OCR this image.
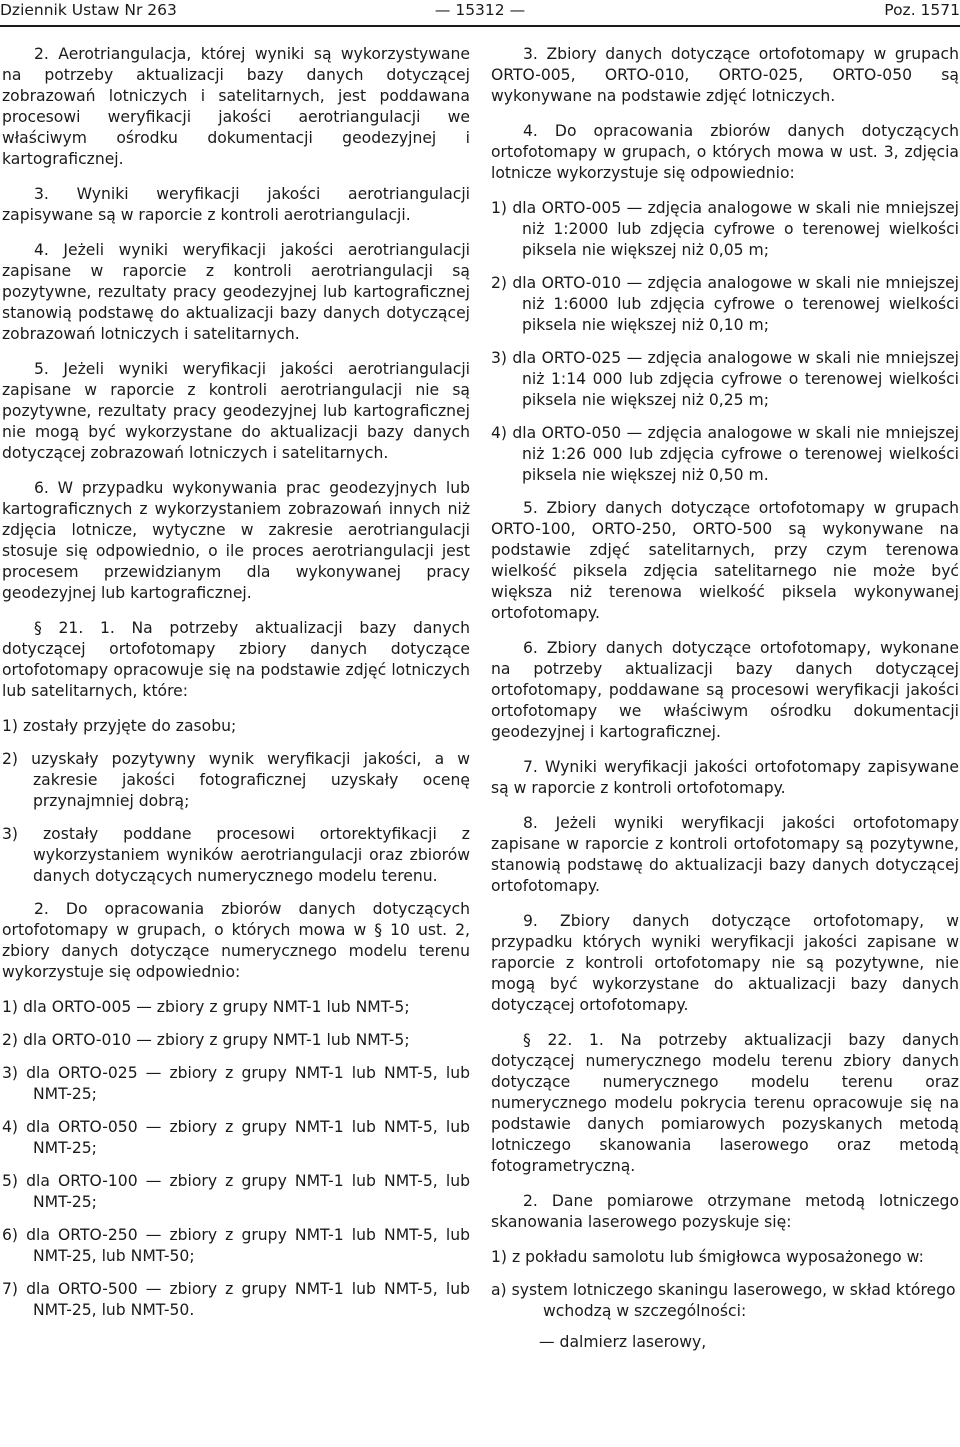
Dziennik Ustaw Nr 263	— 15312 —	Poz. 1571

2. Aerotriangulacja, której wyniki są wykorzystywane na potrzeby aktualizacji bazy danych dotyczącej zobrazowań lotniczych i satelitarnych, jest poddawana procesowi weryfikacji jakości aerotriangulacji we właściwym ośrodku dokumentacji geodezyjnej i kartograficznej.

3. Wyniki weryfikacji jakości aerotriangulacji zapisywane są w raporcie z kontroli aerotriangulacji.

4. Jeżeli wyniki weryfikacji jakości aerotriangulacji zapisane w raporcie z kontroli aerotriangulacji są pozytywne, rezultaty pracy geodezyjnej lub kartograficznej stanowią podstawę do aktualizacji bazy danych dotyczącej zobrazowań lotniczych i satelitarnych.

5. Jeżeli wyniki weryfikacji jakości aerotriangulacji zapisane w raporcie z kontroli aerotriangulacji nie są pozytywne, rezultaty pracy geodezyjnej lub kartograficznej nie mogą być wykorzystane do aktualizacji bazy danych dotyczącej zobrazowań lotniczych i satelitarnych.

6. W przypadku wykonywania prac geodezyjnych lub kartograficznych z wykorzystaniem zobrazowań innych niż zdjęcia lotnicze, wytyczne w zakresie aerotriangulacji stosuje się odpowiednio, o ile proces aerotriangulacji jest procesem przewidzianym dla wykonywanej pracy geodezyjnej lub kartograficznej.

§ 21. 1. Na potrzeby aktualizacji bazy danych dotyczącej ortofotomapy zbiory danych dotyczące ortofotomapy opracowuje się na podstawie zdjęć lotniczych lub satelitarnych, które:

1) zostały przyjęte do zasobu;

2) uzyskały pozytywny wynik weryfikacji jakości, a w zakresie jakości fotograficznej uzyskały ocenę przynajmniej dobrą;

3) zostały poddane procesowi ortorektyfikacji z wykorzystaniem wyników aerotriangulacji oraz zbiorów danych dotyczących numerycznego modelu terenu.

2. Do opracowania zbiorów danych dotyczących ortofotomapy w grupach, o których mowa w § 10 ust. 2, zbiory danych dotyczące numerycznego modelu terenu wykorzystuje się odpowiednio:

1) dla ORTO-005 — zbiory z grupy NMT-1 lub NMT-5;

2) dla ORTO-010 — zbiory z grupy NMT-1 lub NMT-5;

3) dla ORTO-025 — zbiory z grupy NMT-1 lub NMT-5, lub NMT-25;

4) dla ORTO-050 — zbiory z grupy NMT-1 lub NMT-5, lub NMT-25;

5) dla ORTO-100 — zbiory z grupy NMT-1 lub NMT-5, lub NMT-25;

6) dla ORTO-250 — zbiory z grupy NMT-1 lub NMT-5, lub NMT-25, lub NMT-50;

7) dla ORTO-500 — zbiory z grupy NMT-1 lub NMT-5, lub NMT-25, lub NMT-50.

3. Zbiory danych dotyczące ortofotomapy w grupach ORTO-005, ORTO-010, ORTO-025, ORTO-050 są wykonywane na podstawie zdjęć lotniczych.

4. Do opracowania zbiorów danych dotyczących ortofotomapy w grupach, o których mowa w ust. 3, zdjęcia lotnicze wykorzystuje się odpowiednio:

1) dla ORTO-005 — zdjęcia analogowe w skali nie mniejszej niż 1:2000 lub zdjęcia cyfrowe o terenowej wielkości piksela nie większej niż 0,05 m;

2) dla ORTO-010 — zdjęcia analogowe w skali nie mniejszej niż 1:6000 lub zdjęcia cyfrowe o terenowej wielkości piksela nie większej niż 0,10 m;

3) dla ORTO-025 — zdjęcia analogowe w skali nie mniejszej niż 1:14 000 lub zdjęcia cyfrowe o terenowej wielkości piksela nie większej niż 0,25 m;

4) dla ORTO-050 — zdjęcia analogowe w skali nie mniejszej niż 1:26 000 lub zdjęcia cyfrowe o terenowej wielkości piksela nie większej niż 0,50 m.

5. Zbiory danych dotyczące ortofotomapy w grupach ORTO-100, ORTO-250, ORTO-500 są wykonywane na podstawie zdjęć satelitarnych, przy czym terenowa wielkość piksela zdjęcia satelitarnego nie może być większa niż terenowa wielkość piksela wykonywanej ortofotomapy.

6. Zbiory danych dotyczące ortofotomapy, wykonane na potrzeby aktualizacji bazy danych dotyczącej ortofotomapy, poddawane są procesowi weryfikacji jakości ortofotomapy we właściwym ośrodku dokumentacji geodezyjnej i kartograficznej.

7. Wyniki weryfikacji jakości ortofotomapy zapisywane są w raporcie z kontroli ortofotomapy.

8. Jeżeli wyniki weryfikacji jakości ortofotomapy zapisane w raporcie z kontroli ortofotomapy są pozytywne, stanowią podstawę do aktualizacji bazy danych dotyczącej ortofotomapy.

9. Zbiory danych dotyczące ortofotomapy, w przypadku których wyniki weryfikacji jakości zapisane w raporcie z kontroli ortofotomapy nie są pozytywne, nie mogą być wykorzystane do aktualizacji bazy danych dotyczącej ortofotomapy.

§ 22. 1. Na potrzeby aktualizacji bazy danych dotyczącej numerycznego modelu terenu zbiory danych dotyczące numerycznego modelu terenu oraz numerycznego modelu pokrycia terenu opracowuje się na podstawie danych pomiarowych pozyskanych metodą lotniczego skanowania laserowego oraz metodą fotogrametryczną.

2. Dane pomiarowe otrzymane metodą lotniczego skanowania laserowego pozyskuje się:

1) z pokładu samolotu lub śmigłowca wyposażonego w:

a) system lotniczego skaningu laserowego, w skład którego wchodzą w szczególności:

— dalmierz laserowy,
